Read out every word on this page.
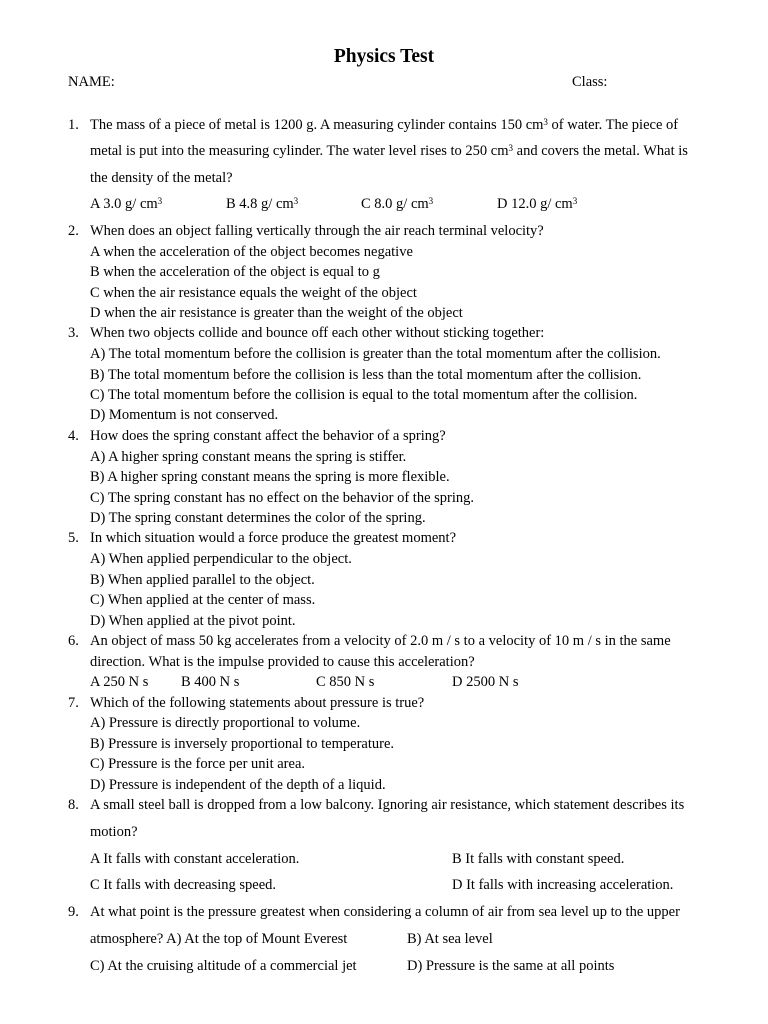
Physics Test
NAME:	Class:
1. The mass of a piece of metal is 1200 g. A measuring cylinder contains 150 $cm^3$ of water. The piece of
metal is put into the measuring cylinder. The water level rises to 250 $cm^3$ and covers the metal. What is
the density of the metal?
A 3.0 g/ $cm^3$	B 4.8 g/ $cm^3$	C 8.0 g/ $cm^3$	D 12.0 g/ $cm^3$
2. When does an object falling vertically through the air reach terminal velocity?
A when the acceleration of the object becomes negative
B when the acceleration of the object is equal to g
C when the air resistance equals the weight of the object
D when the air resistance is greater than the weight of the object
3. When two objects collide and bounce off each other without sticking together:
A) The total momentum before the collision is greater than the total momentum after the collision.
B) The total momentum before the collision is less than the total momentum after the collision.
C) The total momentum before the collision is equal to the total momentum after the collision.
D) Momentum is not conserved.
4. How does the spring constant affect the behavior of a spring?
A) A higher spring constant means the spring is stiffer.
B) A higher spring constant means the spring is more flexible.
C) The spring constant has no effect on the behavior of the spring.
D) The spring constant determines the color of the spring.
5. In which situation would a force produce the greatest moment?
A) When applied perpendicular to the object.
B) When applied parallel to the object.
C) When applied at the center of mass.
D) When applied at the pivot point.
6. An object of mass 50 kg accelerates from a velocity of 2.0 m / s to a velocity of 10 m / s in the same
direction. What is the impulse provided to cause this acceleration?
A 250 N s B 400 N s	C 850 N s	D 2500 N s
7. Which of the following statements about pressure is true?
A) Pressure is directly proportional to volume.
B) Pressure is inversely proportional to temperature.
C) Pressure is the force per unit area.
D) Pressure is independent of the depth of a liquid.
8. A small steel ball is dropped from a low balcony. Ignoring air resistance, which statement describes its
motion?
A It falls with constant acceleration.	B It falls with constant speed.
C It falls with decreasing speed.	D It falls with increasing acceleration.
9. At what point is the pressure greatest when considering a column of air from sea level up to the upper
atmosphere? A) At the top of Mount Everest	B) At sea level
C) At the cruising altitude of a commercial jet	D) Pressure is the same at all points
